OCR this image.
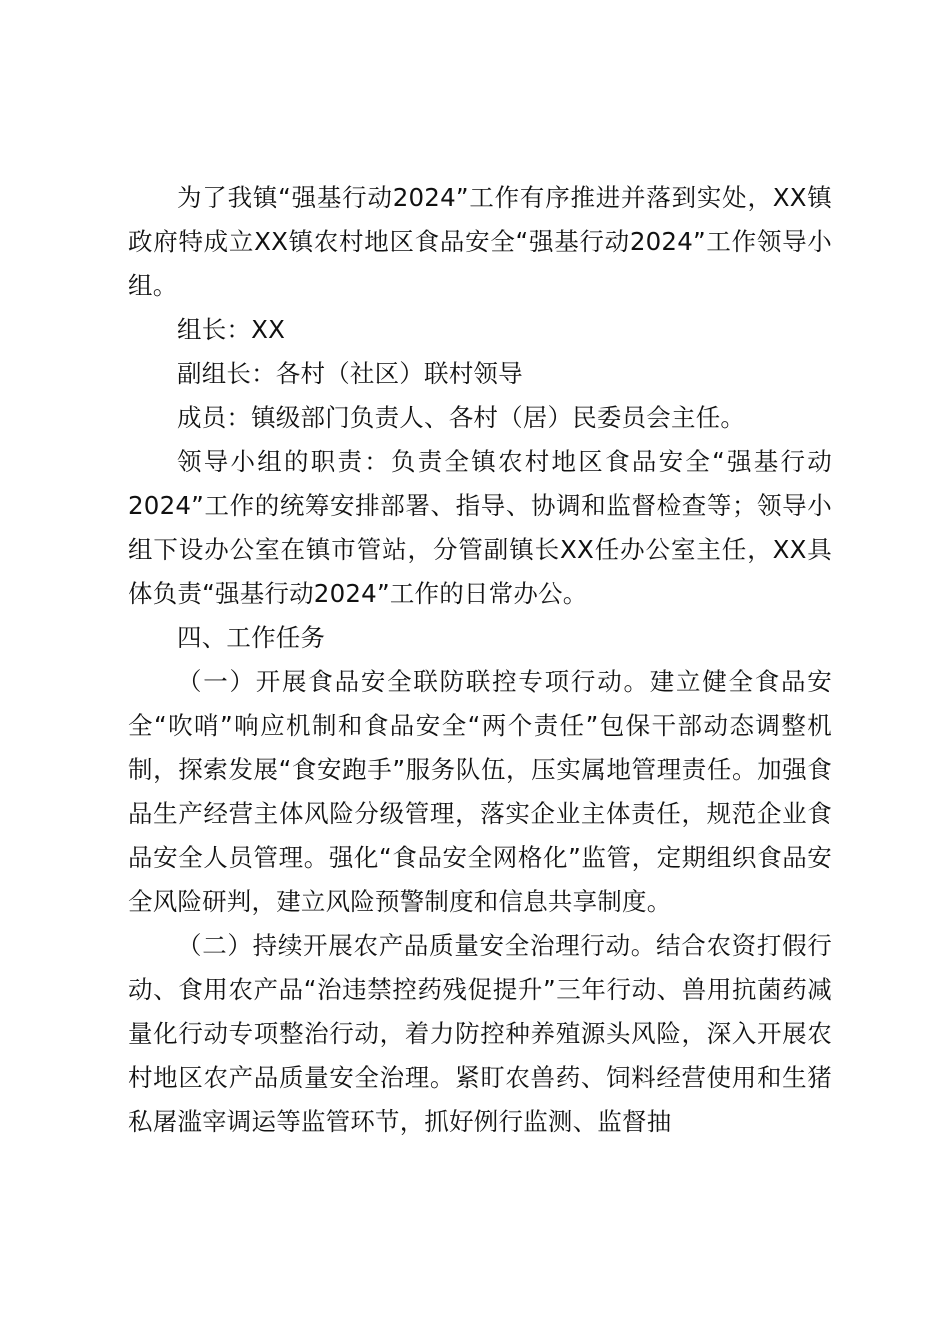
为了我镇“强基行动2024”工作有序推进并落到实处，XX镇政府特成立XX镇农村地区食品安全“强基行动2024”工作领导小组。

组长：XX

副组长：各村（社区）联村领导

成员：镇级部门负责人、各村（居）民委员会主任。

领导小组的职责：负责全镇农村地区食品安全“强基行动2024”工作的统筹安排部署、指导、协调和监督检查等；领导小组下设办公室在镇市管站，分管副镇长XX任办公室主任，XX具体负责“强基行动2024”工作的日常办公。

四、工作任务

（一）开展食品安全联防联控专项行动。建立健全食品安全“吹哨”响应机制和食品安全“两个责任”包保干部动态调整机制，探索发展“食安跑手”服务队伍，压实属地管理责任。加强食品生产经营主体风险分级管理，落实企业主体责任，规范企业食品安全人员管理。强化“食品安全网格化”监管，定期组织食品安全风险研判，建立风险预警制度和信息共享制度。

（二）持续开展农产品质量安全治理行动。结合农资打假行动、食用农产品“治违禁控药残促提升”三年行动、兽用抗菌药减量化行动专项整治行动，着力防控种养殖源头风险，深入开展农村地区农产品质量安全治理。紧盯农兽药、饲料经营使用和生猪私屠滥宰调运等监管环节，抓好例行监测、监督抽
